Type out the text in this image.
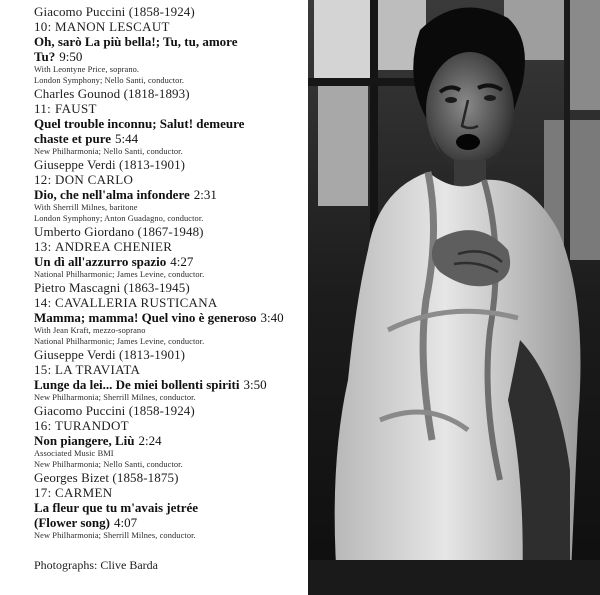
Giacomo Puccini (1858-1924)
10: MANON LESCAUT
Oh, sarò La più bella!; Tu, tu, amore
Tu? 9:50
With Leontyne Price, soprano.
London Symphony; Nello Santi, conductor.
Charles Gounod (1818-1893)
11: FAUST
Quel trouble inconnu; Salut! demeure
chaste et pure 5:44
New Philharmonia; Nello Santi, conductor.
Giuseppe Verdi (1813-1901)
12: DON CARLO
Dio, che nell'alma infondere 2:31
With Sherrill Milnes, baritone
London Symphony; Anton Guadagno, conductor.
Umberto Giordano (1867-1948)
13: ANDREA CHENIER
Un dì all'azzurro spazio 4:27
National Philharmonic; James Levine, conductor.
Pietro Mascagni (1863-1945)
14: CAVALLERIA RUSTICANA
Mamma; mamma! Quel vino è generoso 3:40
With Jean Kraft, mezzo-soprano
National Philharmonic; James Levine, conductor.
Giuseppe Verdi (1813-1901)
15: LA TRAVIATA
Lunge da lei... De miei bollenti spiriti 3:50
New Philharmonia; Sherrill Milnes, conductor.
Giacomo Puccini (1858-1924)
16: TURANDOT
Non piangere, Liù 2:24
Associated Music BMI
New Philharmonia; Nello Santi, conductor.
Georges Bizet (1858-1875)
17: CARMEN
La fleur que tu m'avais jetrée
(Flower song) 4:07
New Philharmonia; Sherrill Milnes, conductor.
Photographs: Clive Barda
